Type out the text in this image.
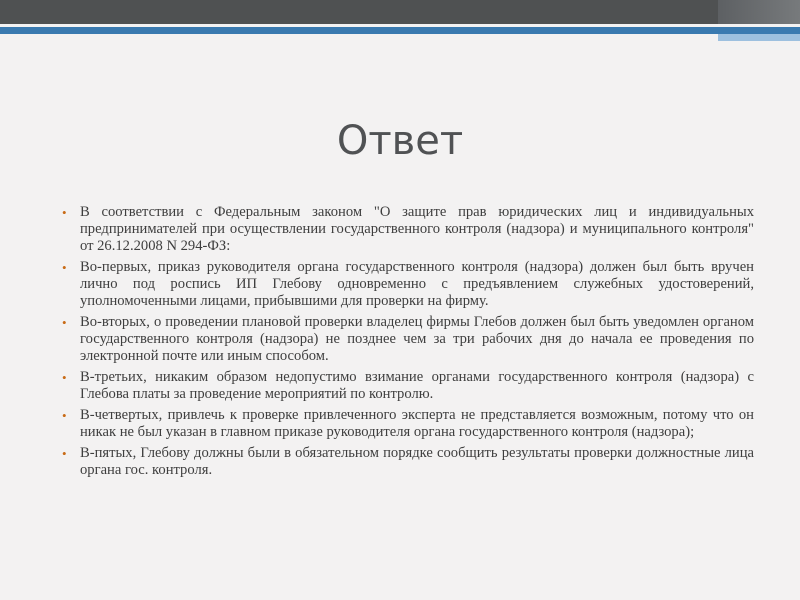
Ответ
• В соответствии с Федеральным законом "О защите прав юридических лиц и индивидуальных предпринимателей при осуществлении государственного контроля (надзора) и муниципального контроля" от 26.12.2008 N 294-ФЗ:
• Во-первых, приказ руководителя органа государственного контроля (надзора) должен был быть вручен лично под роспись ИП Глебову одновременно с предъявлением служебных удостоверений, уполномоченными лицами, прибывшими для проверки на фирму.
• Во-вторых, о проведении плановой проверки владелец фирмы Глебов должен был быть уведомлен органом государственного контроля (надзора) не позднее чем за три рабочих дня до начала ее проведения по электронной почте или иным способом.
• В-третьих, никаким образом недопустимо взимание органами государственного контроля (надзора) с Глебова платы за проведение мероприятий по контролю.
• В-четвертых, привлечь к проверке привлеченного эксперта не представляется возможным, потому что он никак не был указан в главном приказе руководителя органа государственного контроля (надзора);
• В-пятых, Глебову должны были в обязательном порядке сообщить результаты проверки должностные лица органа гос. контроля.
